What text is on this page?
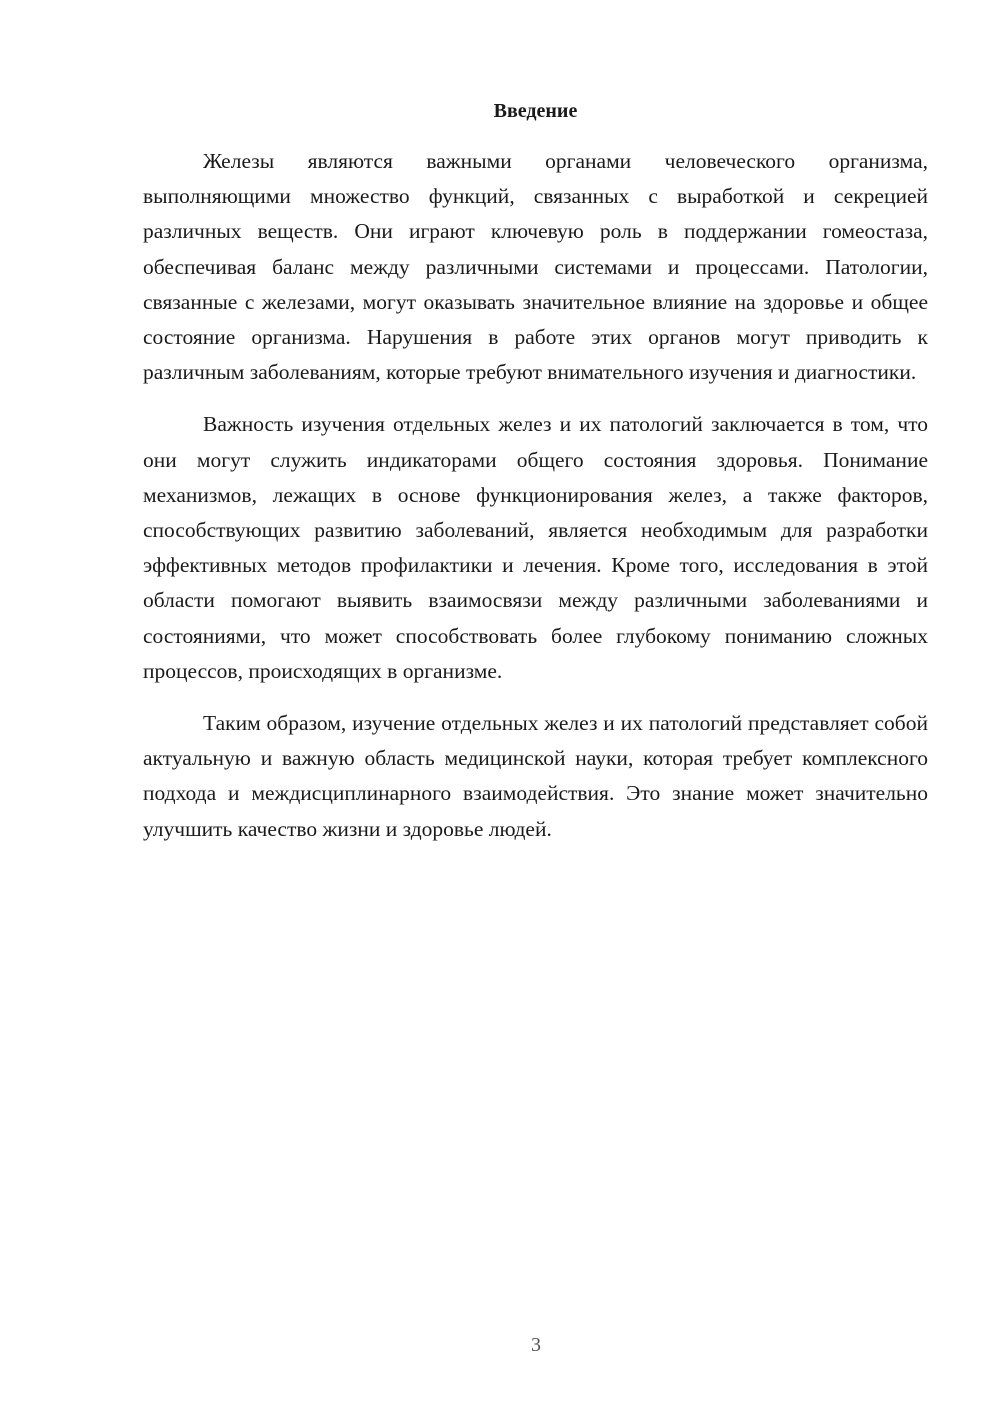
Введение

Железы являются важными органами человеческого организма, выполняющими множество функций, связанных с выработкой и секрецией различных веществ. Они играют ключевую роль в поддержании гомеостаза, обеспечивая баланс между различными системами и процессами. Патологии, связанные с железами, могут оказывать значительное влияние на здоровье и общее состояние организма. Нарушения в работе этих органов могут приводить к различным заболеваниям, которые требуют внимательного изучения и диагностики.

Важность изучения отдельных желез и их патологий заключается в том, что они могут служить индикаторами общего состояния здоровья. Понимание механизмов, лежащих в основе функционирования желез, а также факторов, способствующих развитию заболеваний, является необходимым для разработки эффективных методов профилактики и лечения. Кроме того, исследования в этой области помогают выявить взаимосвязи между различными заболеваниями и состояниями, что может способствовать более глубокому пониманию сложных процессов, происходящих в организме.

Таким образом, изучение отдельных желез и их патологий представляет собой актуальную и важную область медицинской науки, которая требует комплексного подхода и междисциплинарного взаимодействия. Это знание может значительно улучшить качество жизни и здоровье людей.

3
